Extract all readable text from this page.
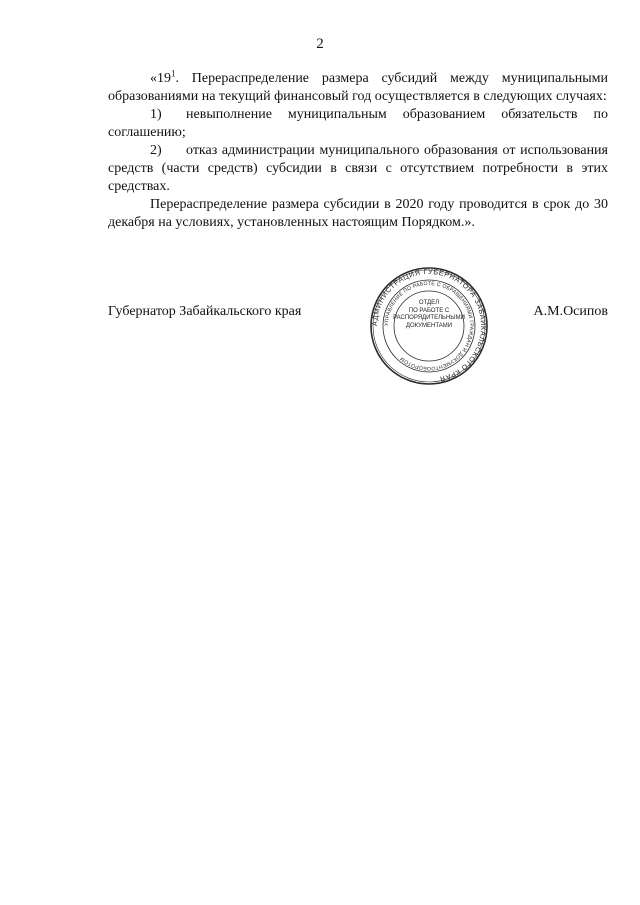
2

«$19^1$. Перераспределение размера субсидий между муниципальными образованиями на текущий финансовый год осуществляется в следующих случаях:

1) невыполнение муниципальным образованием обязательств по соглашению;

2) отказ администрации муниципального образования от использования средств (части средств) субсидии в связи с отсутствием потребности в этих средствах.

Перераспределение размера субсидии в 2020 году проводится в срок до 30 декабря на условиях, установленных настоящим Порядком.».

Губернатор Забайкальского края	А.М.Осипов
АДМИНИСТРАЦИЯ ГУБЕРНАТОРА ЗАБАЙКАЛЬСКОГО КРАЯ
УПРАВЛЕНИЕ ПО РАБОТЕ С ОБРАЩЕНИЯМИ ГРАЖДАН И ДОКУМЕНТООБОРОТОМ
ОТДЕЛ
ПО РАБОТЕ С
РАСПОРЯДИТЕЛЬНЫМИ
ДОКУМЕНТАМИ
